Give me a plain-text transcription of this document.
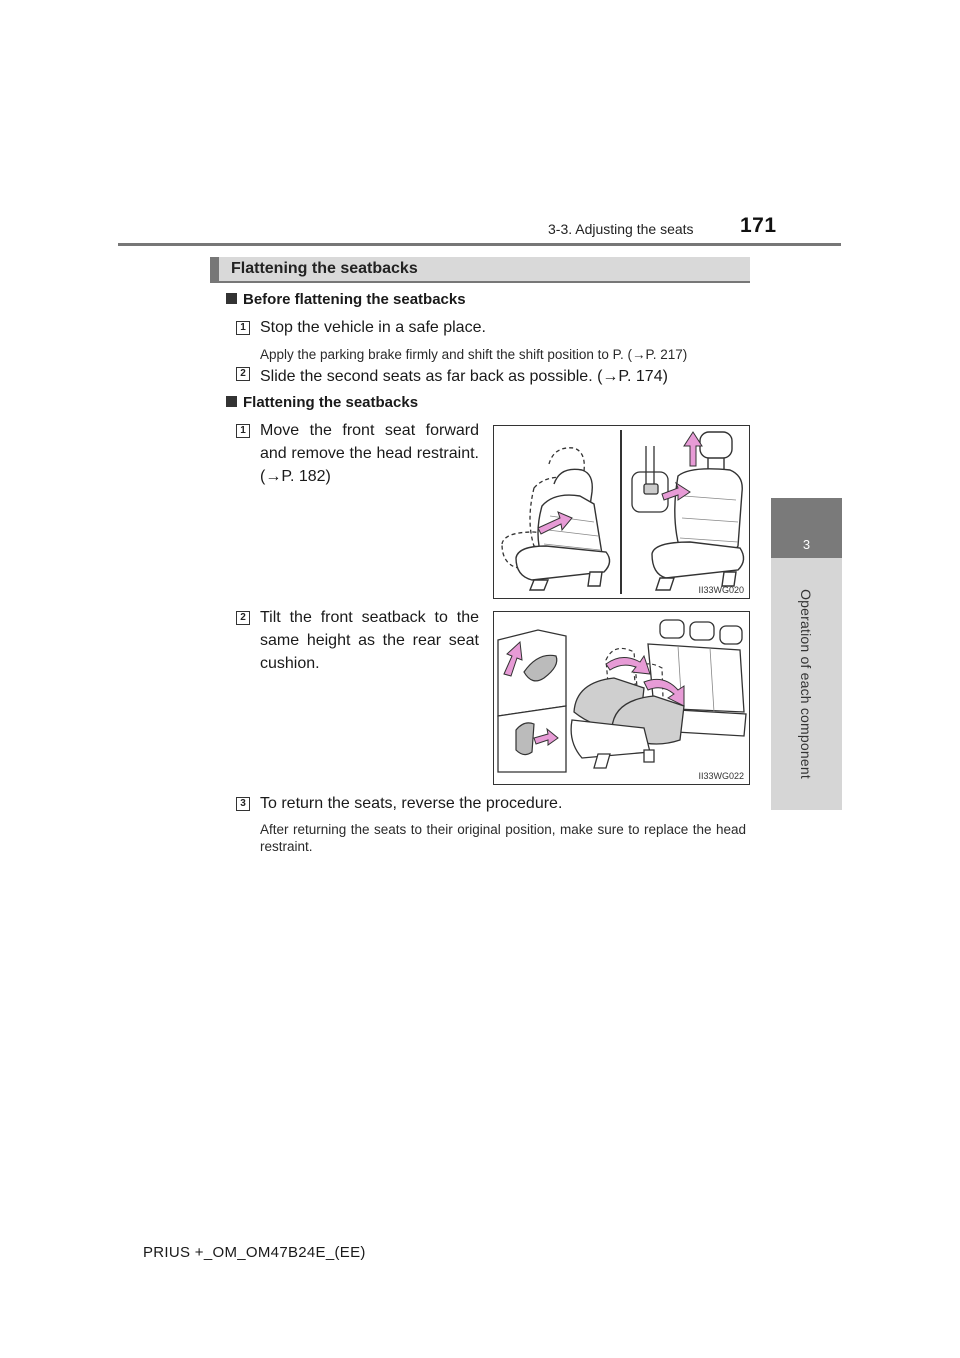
3-3. Adjusting the seats 171
3
Operation of each component
Flattening the seatbacks
Before flattening the seatbacks
1 Stop the vehicle in a safe place.
Apply the parking brake firmly and shift the shift position to P. (→P. 217)
2 Slide the second seats as far back as possible. (→P. 174)
Flattening the seatbacks
1 Move the front seat forward and remove the head restraint. (→P. 182)
II33WG020
2 Tilt the front seatback to the same height as the rear seat cushion.
II33WG022
3 To return the seats, reverse the procedure.
After returning the seats to their original position, make sure to replace the head restraint.
PRIUS +_OM_OM47B24E_(EE)
